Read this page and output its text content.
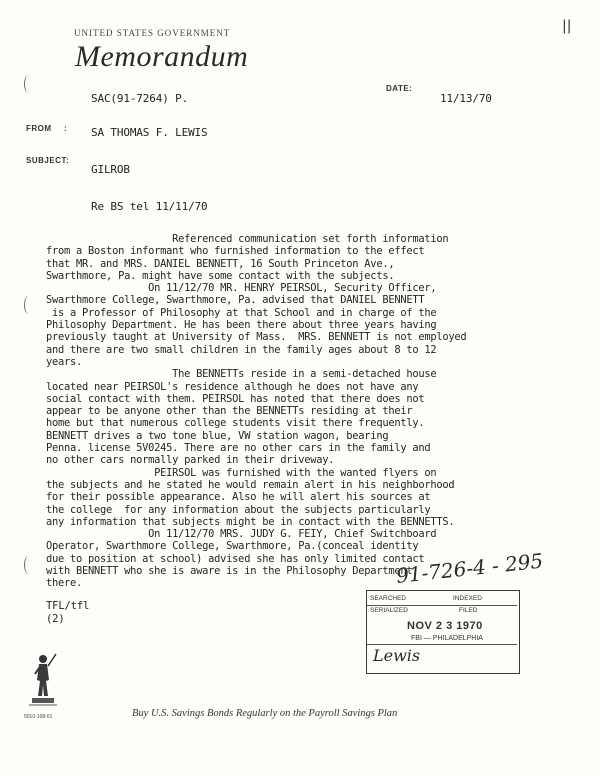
||
UNITED STATES GOVERNMENT
Memorandum
SAC(91-7264) P.
DATE:
11/13/70
FROM : SA THOMAS F. LEWIS
SUBJECT:
GILROB
Re BS tel 11/11/70
Referenced communication set forth information
from a Boston informant who furnished information to the effect
that MR. and MRS. DANIEL BENNETT, 16 South Princeton Ave.,
Swarthmore, Pa. might have some contact with the subjects.
On 11/12/70 MR. HENRY PEIRSOL, Security Officer,
Swarthmore College, Swarthmore, Pa. advised that DANIEL BENNETT
is a Professor of Philosophy at that School and in charge of the
Philosophy Department. He has been there about three years having
previously taught at University of Mass.  MRS. BENNETT is not employed
and there are two small children in the family ages about 8 to 12
years.
The BENNETTs reside in a semi-detached house
located near PEIRSOL's residence although he does not have any
social contact with them. PEIRSOL has noted that there does not
appear to be anyone other than the BENNETTs residing at their
home but that numerous college students visit there frequently.
BENNETT drives a two tone blue, VW station wagon, bearing
Penna. license 5V0245. There are no other cars in the family and
no other cars normally parked in their driveway.
PEIRSOL was furnished with the wanted flyers on
the subjects and he stated he would remain alert in his neighborhood
for their possible appearance. Also he will alert his sources at
the college  for any information about the subjects particularly
any information that subjects might be in contact with the BENNETTS.
On 11/12/70 MRS. JUDY G. FEIY, Chief Switchboard
Operator, Swarthmore College, Swarthmore, Pa.(conceal identity
due to position at school) advised she has only limited contact
with BENNETT who she is aware is in the Philosophy Department
there.	91-726-4 - 295
TFL/tfl
(2)
SEARCHED	INDEXED
SERIALIZED	FILED
NOV 2 3 1970
FBI — PHILADELPHIA
Lewis
5010-108-01	Buy U.S. Savings Bonds Regularly on the Payroll Savings Plan
